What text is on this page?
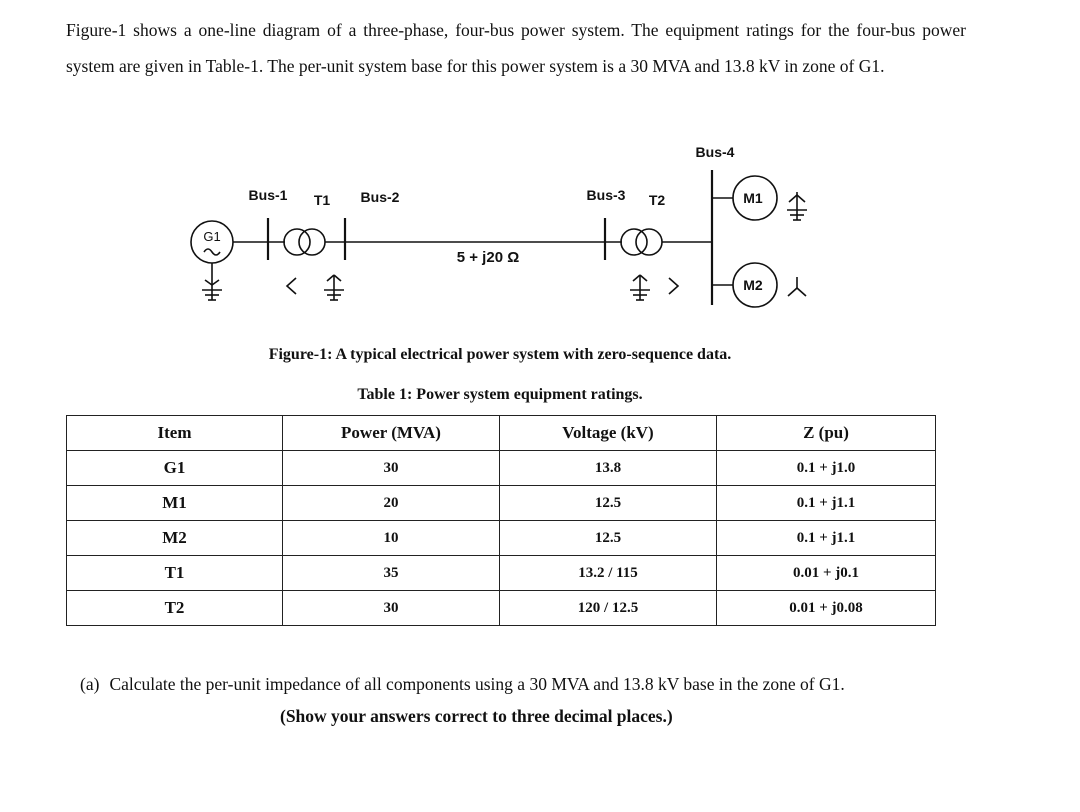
Figure-1 shows a one-line diagram of a three-phase, four-bus power system. The equipment ratings for the four-bus power system are given in Table-1. The per-unit system base for this power system is a 30 MVA and 13.8 kV in zone of G1.

G1
Bus-1 T1 Bus-2
5 + j20 Ω
Bus-3 T2
Bus-4
M1
M2

Figure-1: A typical electrical power system with zero-sequence data.

Table 1: Power system equipment ratings.

Item	Power (MVA)	Voltage (kV)	Z (pu)
G1	30	13.8	0.1 + j1.0
M1	20	12.5	0.1 + j1.1
M2	10	12.5	0.1 + j1.1
T1	35	13.2 / 115	0.01 + j0.1
T2	30	120 / 12.5	0.01 + j0.08

(a) Calculate the per-unit impedance of all components using a 30 MVA and 13.8 kV base in the zone of G1.
(Show your answers correct to three decimal places.)
